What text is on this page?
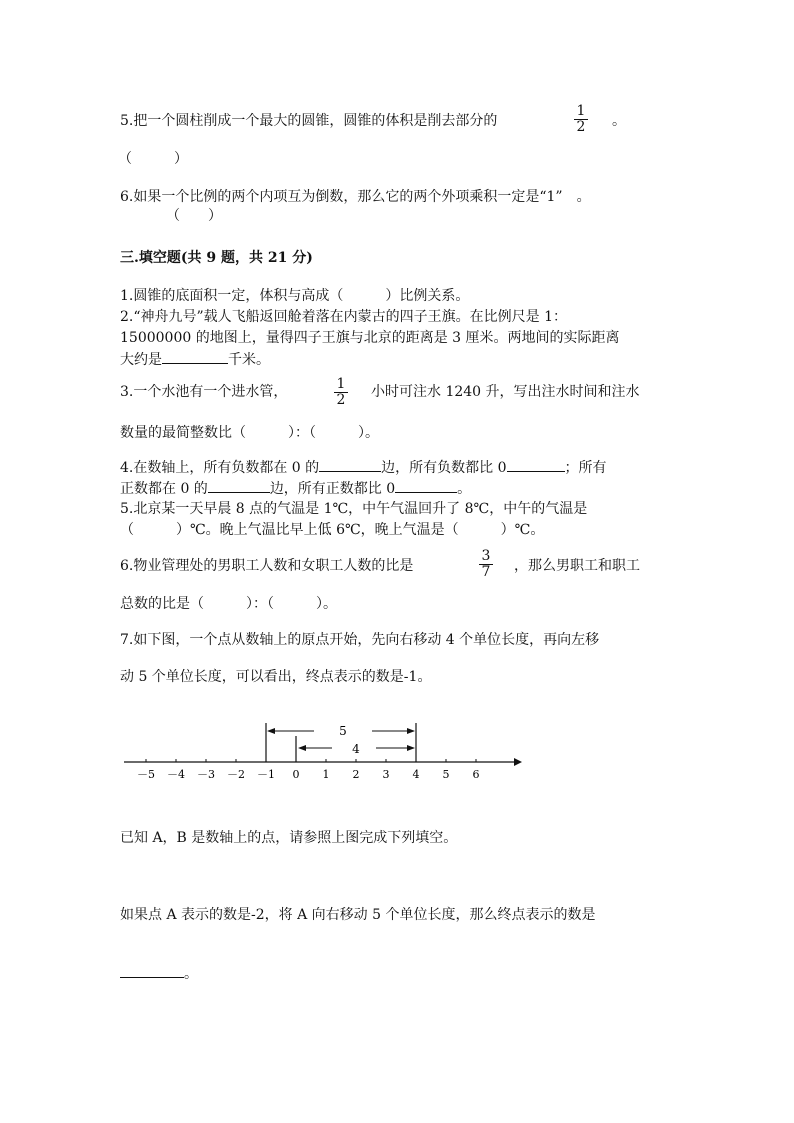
5.把一个圆柱削成一个最大的圆锥，圆锥的体积是削去部分的
1
2 。
（　　　）
6.如果一个比例的两个内项互为倒数，那么它的两个外项乘积一定是“1”　。
（　　）
三.填空题(共 9 题，共 21 分)
1.圆锥的底面积一定，体积与高成（　　　）比例关系。
2.“神舟九号”载人飞船返回舱着落在内蒙古的四子王旗。在比例尺是 1：
15000000 的地图上，量得四子王旗与北京的距离是 3 厘米。两地间的实际距离
大约是	千米。
3.一个水池有一个进水管，	1
2 小时可注水 1240 升，写出注水时间和注水
数量的最简整数比（　　　）：（　　　）。
4.在数轴上，所有负数都在 0 的	边，所有负数都比 0	；所有
正数都在 0 的	边，所有正数都比 0	。
5.北京某一天早晨 8 点的气温是 1℃，中午气温回升了 8℃，中午的气温是
（　　　）℃。晚上气温比早上低 6℃，晚上气温是（　　　）℃。
6.物业管理处的男职工人数和女职工人数的比是
3
7 ，那么男职工和职工
总数的比是（　　　）：（　　　）。
7.如下图，一个点从数轴上的原点开始，先向右移动 4 个单位长度，再向左移
动 5 个单位长度，可以看出，终点表示的数是-1。
－5 －4 －3 －2 －1 0 1 2 3 4 5 6
5
4
已知 A，B 是数轴上的点，请参照上图完成下列填空。
如果点 A 表示的数是-2，将 A 向右移动 5 个单位长度，那么终点表示的数是
。
